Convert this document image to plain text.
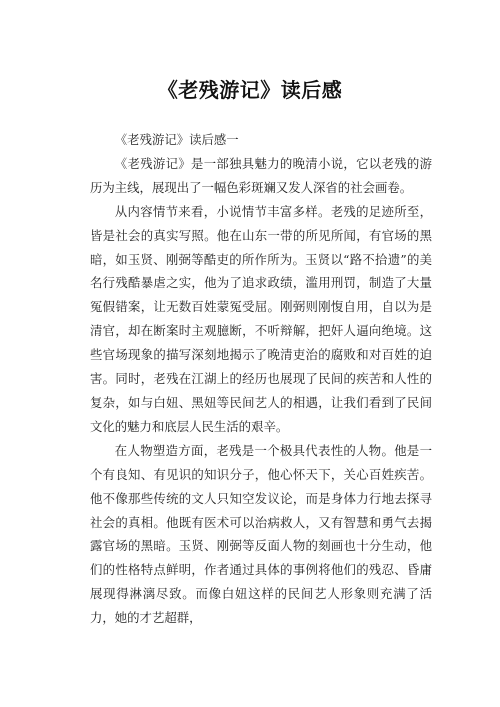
《老残游记》读后感

《老残游记》读后感一

《老残游记》是一部独具魅力的晚清小说，它以老残的游历为主线，展现出了一幅色彩斑斓又发人深省的社会画卷。

从内容情节来看，小说情节丰富多样。老残的足迹所至，皆是社会的真实写照。他在山东一带的所见所闻，有官场的黑暗，如玉贤、刚弼等酷吏的所作所为。玉贤以“路不拾遗”的美名行残酷暴虐之实，他为了追求政绩，滥用刑罚，制造了大量冤假错案，让无数百姓蒙冤受屈。刚弼则刚愎自用，自以为是清官，却在断案时主观臆断，不听辩解，把奸人逼向绝境。这些官场现象的描写深刻地揭示了晚清吏治的腐败和对百姓的迫害。同时，老残在江湖上的经历也展现了民间的疾苦和人性的复杂，如与白妞、黑妞等民间艺人的相遇，让我们看到了民间文化的魅力和底层人民生活的艰辛。

在人物塑造方面，老残是一个极具代表性的人物。他是一个有良知、有见识的知识分子，他心怀天下，关心百姓疾苦。他不像那些传统的文人只知空发议论，而是身体力行地去探寻社会的真相。他既有医术可以治病救人，又有智慧和勇气去揭露官场的黑暗。玉贤、刚弼等反面人物的刻画也十分生动，他们的性格特点鲜明，作者通过具体的事例将他们的残忍、昏庸展现得淋漓尽致。而像白妞这样的民间艺人形象则充满了活力，她的才艺超群，
